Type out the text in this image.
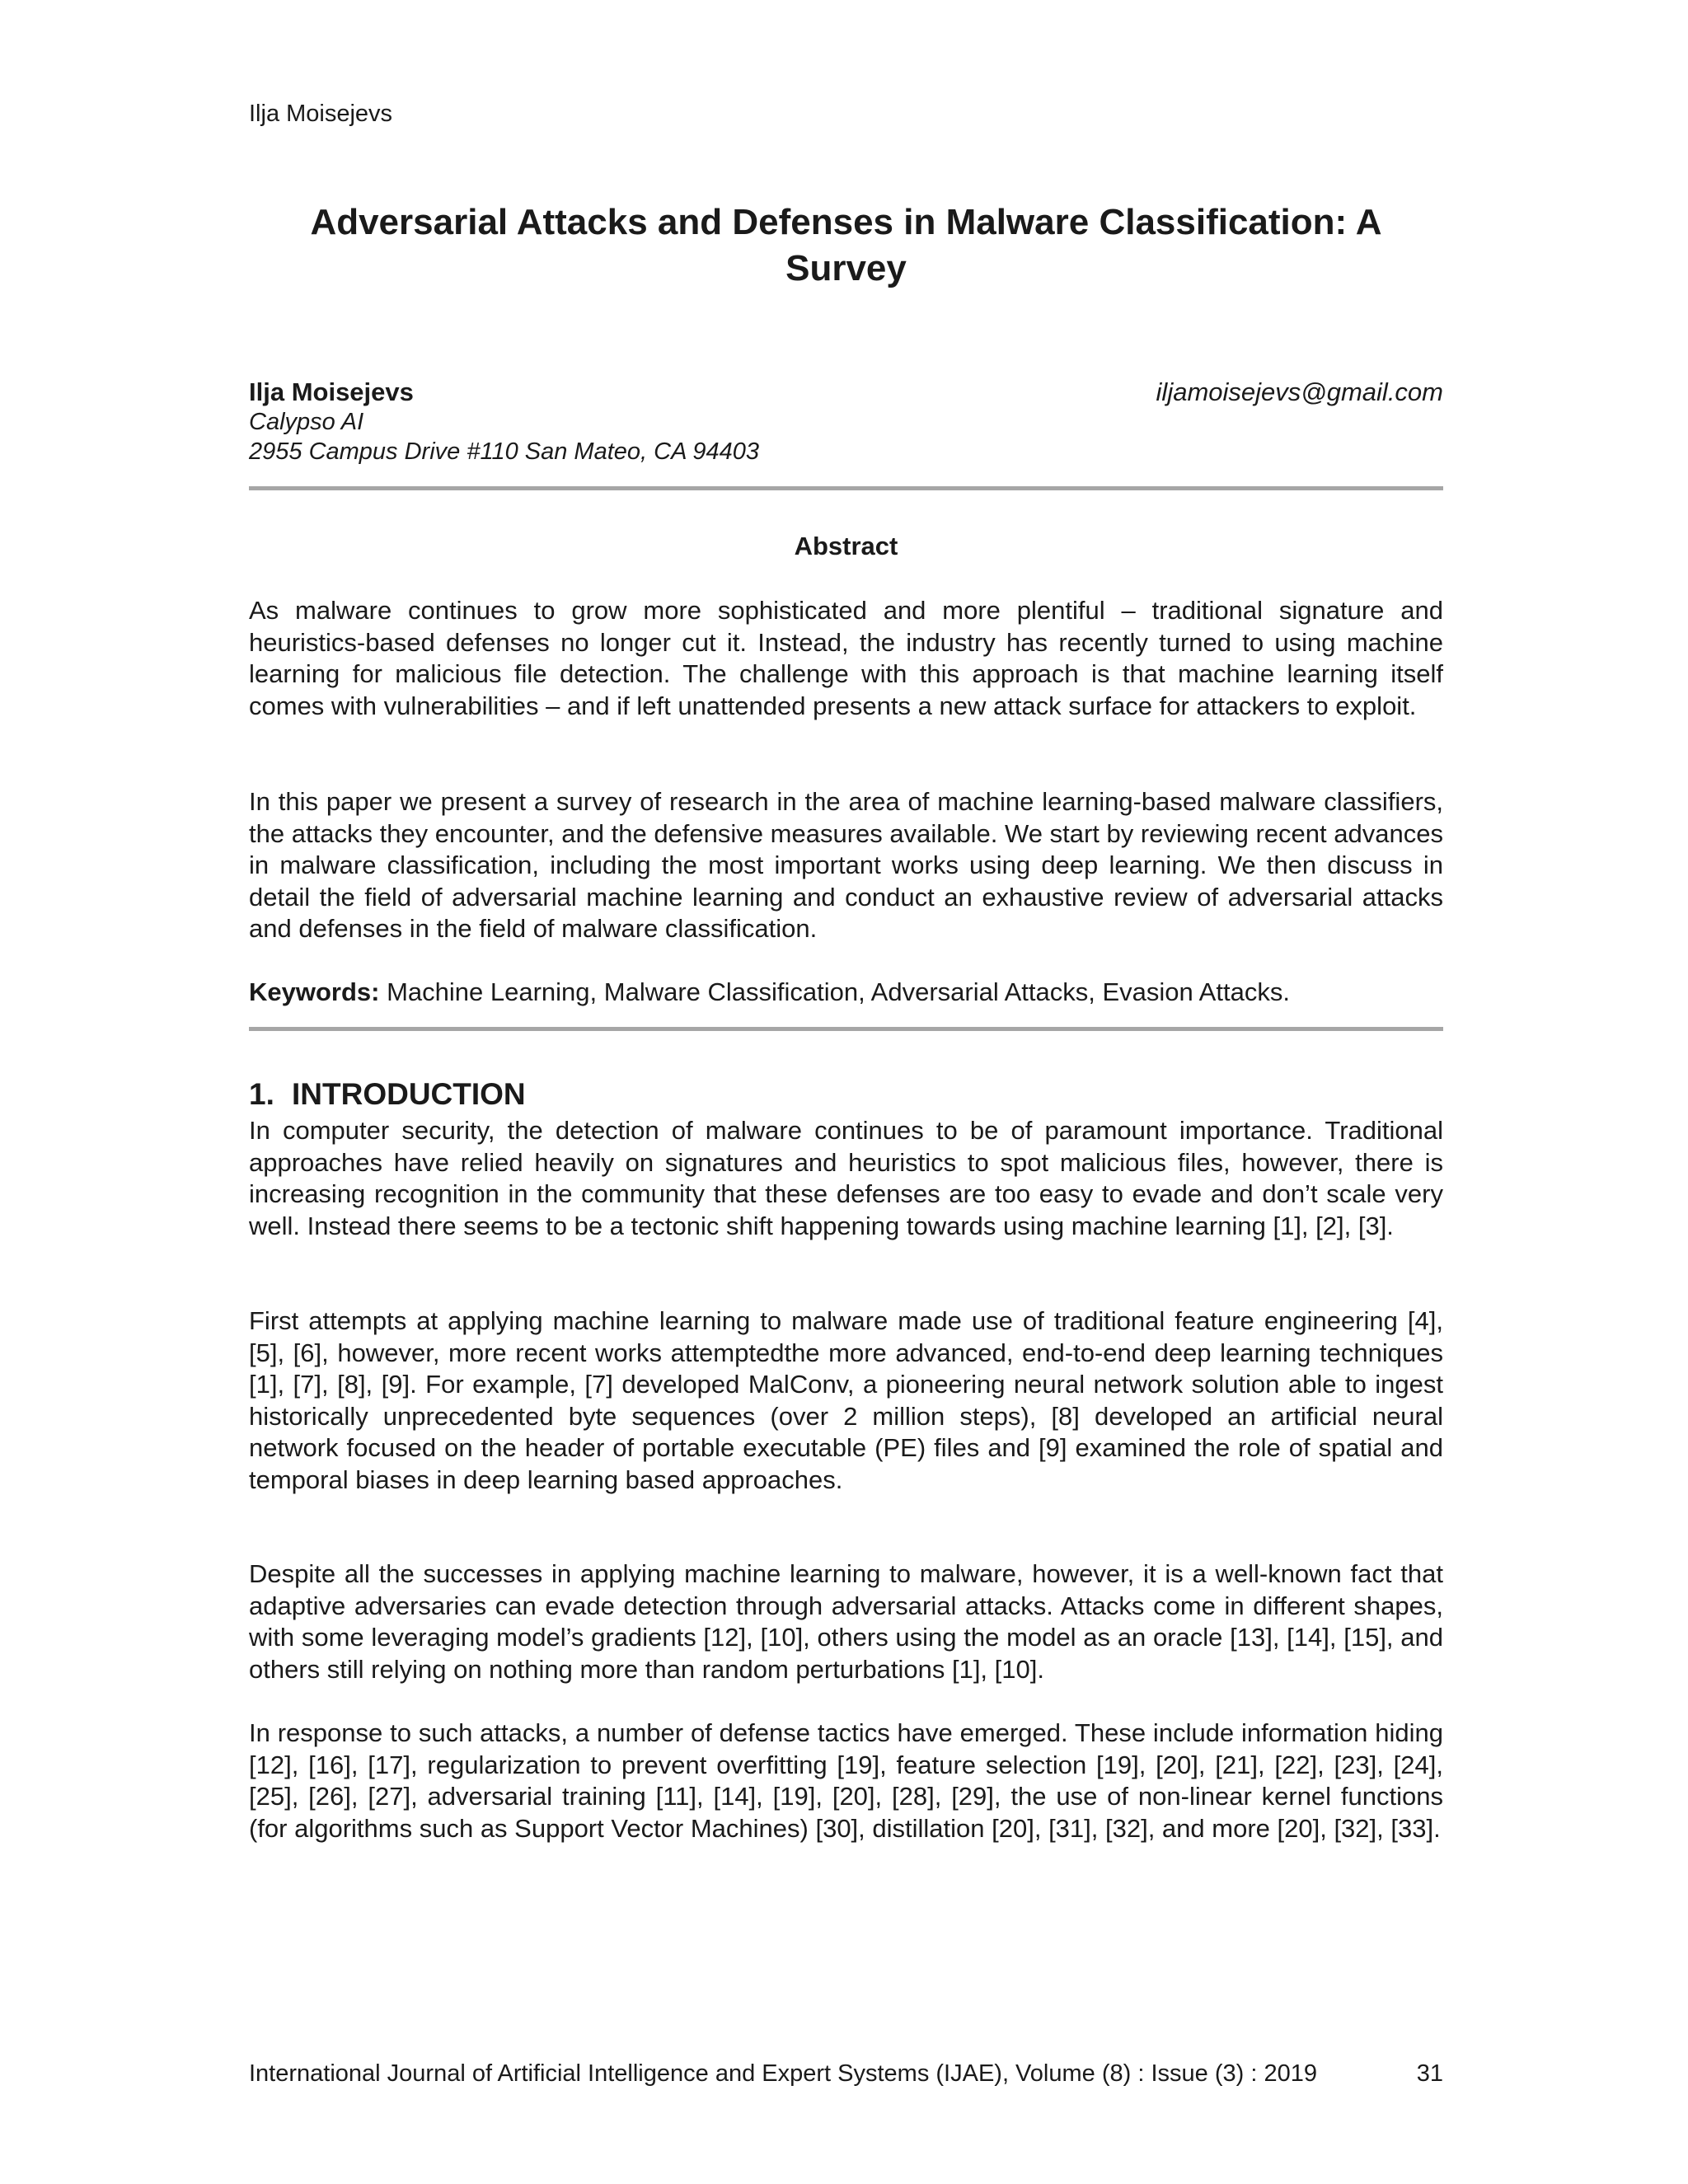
Ilja Moisejevs
Adversarial Attacks and Defenses in Malware Classification: A Survey
Ilja Moisejevs	iljamoisejevs@gmail.com
Calypso AI
2955 Campus Drive #110 San Mateo, CA 94403
Abstract

As malware continues to grow more sophisticated and more plentiful – traditional signature and heuristics-based defenses no longer cut it. Instead, the industry has recently turned to using machine learning for malicious file detection. The challenge with this approach is that machine learning itself comes with vulnerabilities – and if left unattended presents a new attack surface for attackers to exploit.

In this paper we present a survey of research in the area of machine learning-based malware classifiers, the attacks they encounter, and the defensive measures available. We start by reviewing recent advances in malware classification, including the most important works using deep learning. We then discuss in detail the field of adversarial machine learning and conduct an exhaustive review of adversarial attacks and defenses in the field of malware classification.

Keywords: Machine Learning, Malware Classification, Adversarial Attacks, Evasion Attacks.
1. INTRODUCTION

In computer security, the detection of malware continues to be of paramount importance. Traditional approaches have relied heavily on signatures and heuristics to spot malicious files, however, there is increasing recognition in the community that these defenses are too easy to evade and don’t scale very well. Instead there seems to be a tectonic shift happening towards using machine learning [1], [2], [3].

First attempts at applying machine learning to malware made use of traditional feature engineering [4], [5], [6], however, more recent works attemptedthe more advanced, end-to-end deep learning techniques [1], [7], [8], [9]. For example, [7] developed MalConv, a pioneering neural network solution able to ingest historically unprecedented byte sequences (over 2 million steps), [8] developed an artificial neural network focused on the header of portable executable (PE) files and [9] examined the role of spatial and temporal biases in deep learning based approaches.

Despite all the successes in applying machine learning to malware, however, it is a well-known fact that adaptive adversaries can evade detection through adversarial attacks. Attacks come in different shapes, with some leveraging model’s gradients [12], [10], others using the model as an oracle [13], [14], [15], and others still relying on nothing more than random perturbations [1], [10].

In response to such attacks, a number of defense tactics have emerged. These include information hiding [12], [16], [17], regularization to prevent overfitting [19], feature selection [19], [20], [21], [22], [23], [24], [25], [26], [27], adversarial training [11], [14], [19], [20], [28], [29], the use of non-linear kernel functions (for algorithms such as Support Vector Machines) [30], distillation [20], [31], [32], and more [20], [32], [33].

International Journal of Artificial Intelligence and Expert Systems (IJAE), Volume (8) : Issue (3) : 2019	31
